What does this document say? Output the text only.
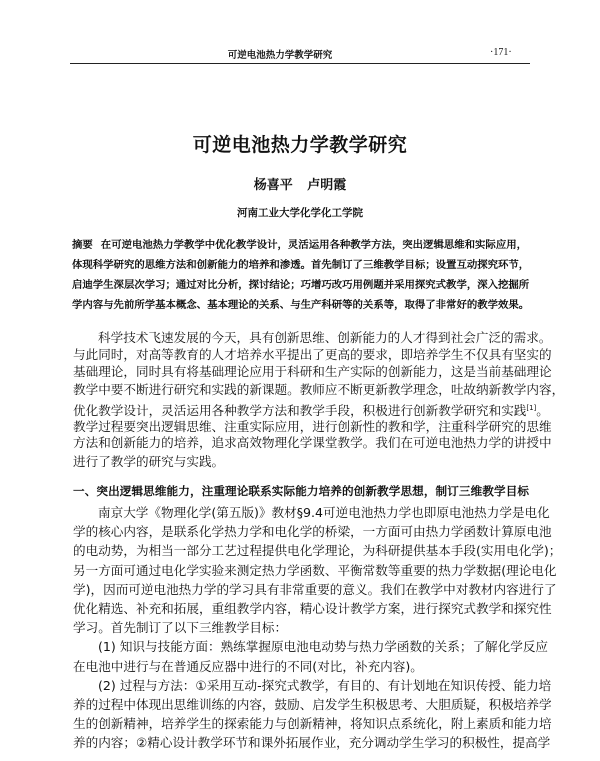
可逆电池热力学教学研究	·171·
可逆电池热力学教学研究
杨喜平 卢明霞
河南工业大学化学化工学院
摘要 在可逆电池热力学教学中优化教学设计，灵活运用各种教学方法，突出逻辑思维和实际应用，
体现科学研究的思维方法和创新能力的培养和渗透。首先制订了三维教学目标；设置互动探究环节，
启迪学生深层次学习；通过对比分析，探讨结论；巧增巧改巧用例题并采用探究式教学，深入挖掘所
学内容与先前所学基本概念、基本理论的关系、与生产科研等的关系等，取得了非常好的教学效果。
科学技术飞速发展的今天，具有创新思维、创新能力的人才得到社会广泛的需求。
与此同时，对高等教育的人才培养水平提出了更高的要求，即培养学生不仅具有坚实的
基础理论，同时具有将基础理论应用于科研和生产实际的创新能力，这是当前基础理论
教学中要不断进行研究和实践的新课题。教师应不断更新教学理念，吐故纳新教学内容，
优化教学设计，灵活运用各种教学方法和教学手段，积极进行创新教学研究和实践[1]。
教学过程要突出逻辑思维、注重实际应用，进行创新性的教和学，注重科学研究的思维
方法和创新能力的培养，追求高效物理化学课堂教学。我们在可逆电池热力学的讲授中
进行了教学的研究与实践。
一、突出逻辑思维能力，注重理论联系实际能力培养的创新教学思想，制订三维教学目标
南京大学《物理化学(第五版)》教材§9.4可逆电池热力学也即原电池热力学是电化
学的核心内容，是联系化学热力学和电化学的桥梁，一方面可由热力学函数计算原电池
的电动势，为相当一部分工艺过程提供电化学理论，为科研提供基本手段(实用电化学)；
另一方面可通过电化学实验来测定热力学函数、平衡常数等重要的热力学数据(理论电化
学)，因而可逆电池热力学的学习具有非常重要的意义。我们在教学中对教材内容进行了
优化精选、补充和拓展，重组教学内容，精心设计教学方案，进行探究式教学和探究性
学习。首先制订了以下三维教学目标：
(1) 知识与技能方面：熟练掌握原电池电动势与热力学函数的关系；了解化学反应
在电池中进行与在普通反应器中进行的不同(对比，补充内容)。
(2) 过程与方法：①采用互动-探究式教学，有目的、有计划地在知识传授、能力培
养的过程中体现出思维训练的内容，鼓励、启发学生积极思考、大胆质疑，积极培养学
生的创新精神，培养学生的探索能力与创新精神，将知识点系统化，附上素质和能力培
养的内容；②精心设计教学环节和课外拓展作业，充分调动学生学习的积极性，提高学
